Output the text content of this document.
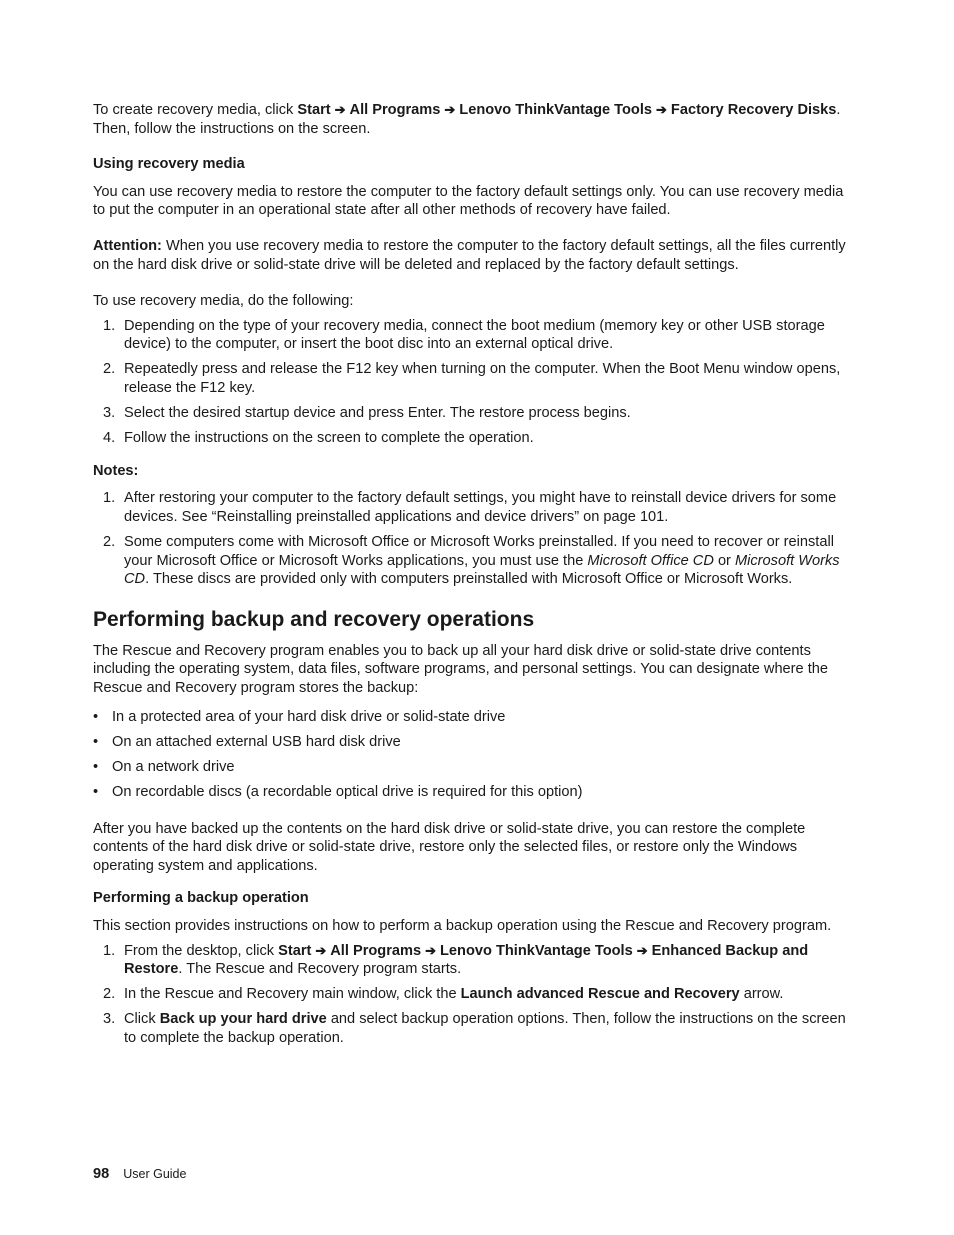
To create recovery media, click Start ➔ All Programs ➔ Lenovo ThinkVantage Tools ➔ Factory Recovery Disks. Then, follow the instructions on the screen.

Using recovery media

You can use recovery media to restore the computer to the factory default settings only. You can use recovery media to put the computer in an operational state after all other methods of recovery have failed.

Attention: When you use recovery media to restore the computer to the factory default settings, all the files currently on the hard disk drive or solid-state drive will be deleted and replaced by the factory default settings.

To use recovery media, do the following:

1. Depending on the type of your recovery media, connect the boot medium (memory key or other USB storage device) to the computer, or insert the boot disc into an external optical drive.
2. Repeatedly press and release the F12 key when turning on the computer. When the Boot Menu window opens, release the F12 key.
3. Select the desired startup device and press Enter. The restore process begins.
4. Follow the instructions on the screen to complete the operation.

Notes:

1. After restoring your computer to the factory default settings, you might have to reinstall device drivers for some devices. See “Reinstalling preinstalled applications and device drivers” on page 101.
2. Some computers come with Microsoft Office or Microsoft Works preinstalled. If you need to recover or reinstall your Microsoft Office or Microsoft Works applications, you must use the Microsoft Office CD or Microsoft Works CD. These discs are provided only with computers preinstalled with Microsoft Office or Microsoft Works.

Performing backup and recovery operations

The Rescue and Recovery program enables you to back up all your hard disk drive or solid-state drive contents including the operating system, data files, software programs, and personal settings. You can designate where the Rescue and Recovery program stores the backup:

• In a protected area of your hard disk drive or solid-state drive
• On an attached external USB hard disk drive
• On a network drive
• On recordable discs (a recordable optical drive is required for this option)

After you have backed up the contents on the hard disk drive or solid-state drive, you can restore the complete contents of the hard disk drive or solid-state drive, restore only the selected files, or restore only the Windows operating system and applications.

Performing a backup operation

This section provides instructions on how to perform a backup operation using the Rescue and Recovery program.

1. From the desktop, click Start ➔ All Programs ➔ Lenovo ThinkVantage Tools ➔ Enhanced Backup and Restore. The Rescue and Recovery program starts.
2. In the Rescue and Recovery main window, click the Launch advanced Rescue and Recovery arrow.
3. Click Back up your hard drive and select backup operation options. Then, follow the instructions on the screen to complete the backup operation.
98 User Guide
